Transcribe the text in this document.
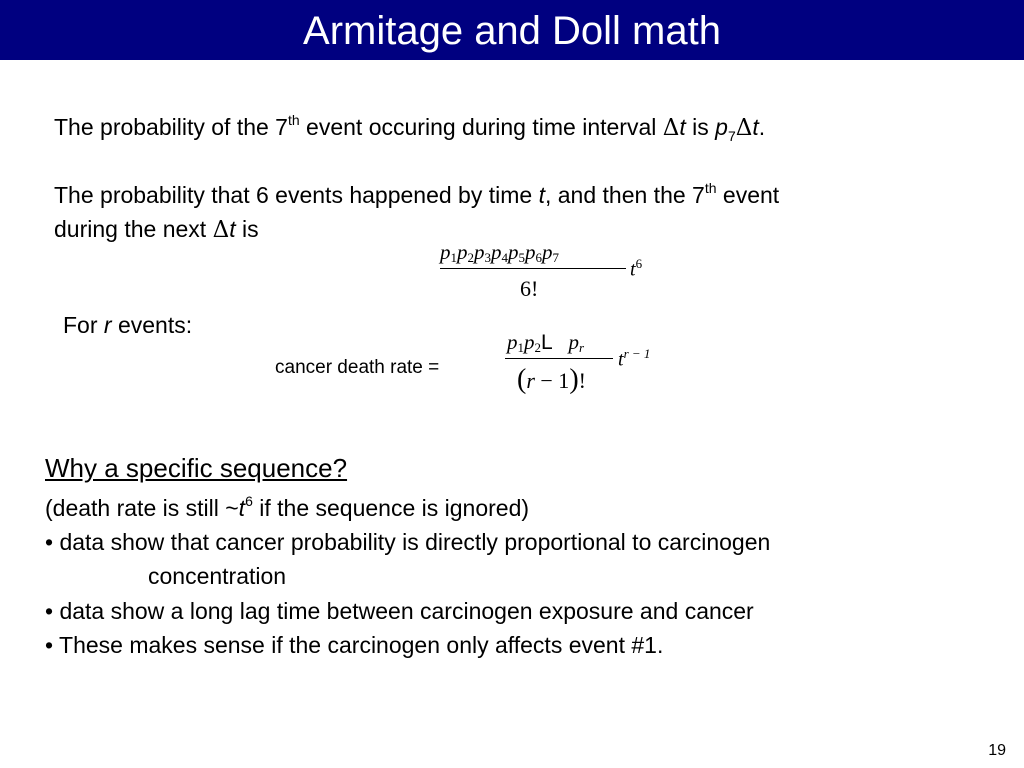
Armitage and Doll math
The probability of the 7th event occuring during time interval Δt is $p_7\Delta t$.
The probability that 6 events happened by time t, and then the 7th event
during the next Δt is
$p_1p_2p_3p_4p_5p_6p_7$
6!
$t^6$
For r events:
cancer death rate =
$p_1p_2L$ $p_r$
(r − 1)!
$t^{r - 1}$
Why a specific sequence?
(death rate is still $\sim t^6$ if the sequence is ignored)
• data show that cancer probability is directly proportional to carcinogen
concentration
• data show a long lag time between carcinogen exposure and cancer
• These makes sense if the carcinogen only affects event #1.
19
